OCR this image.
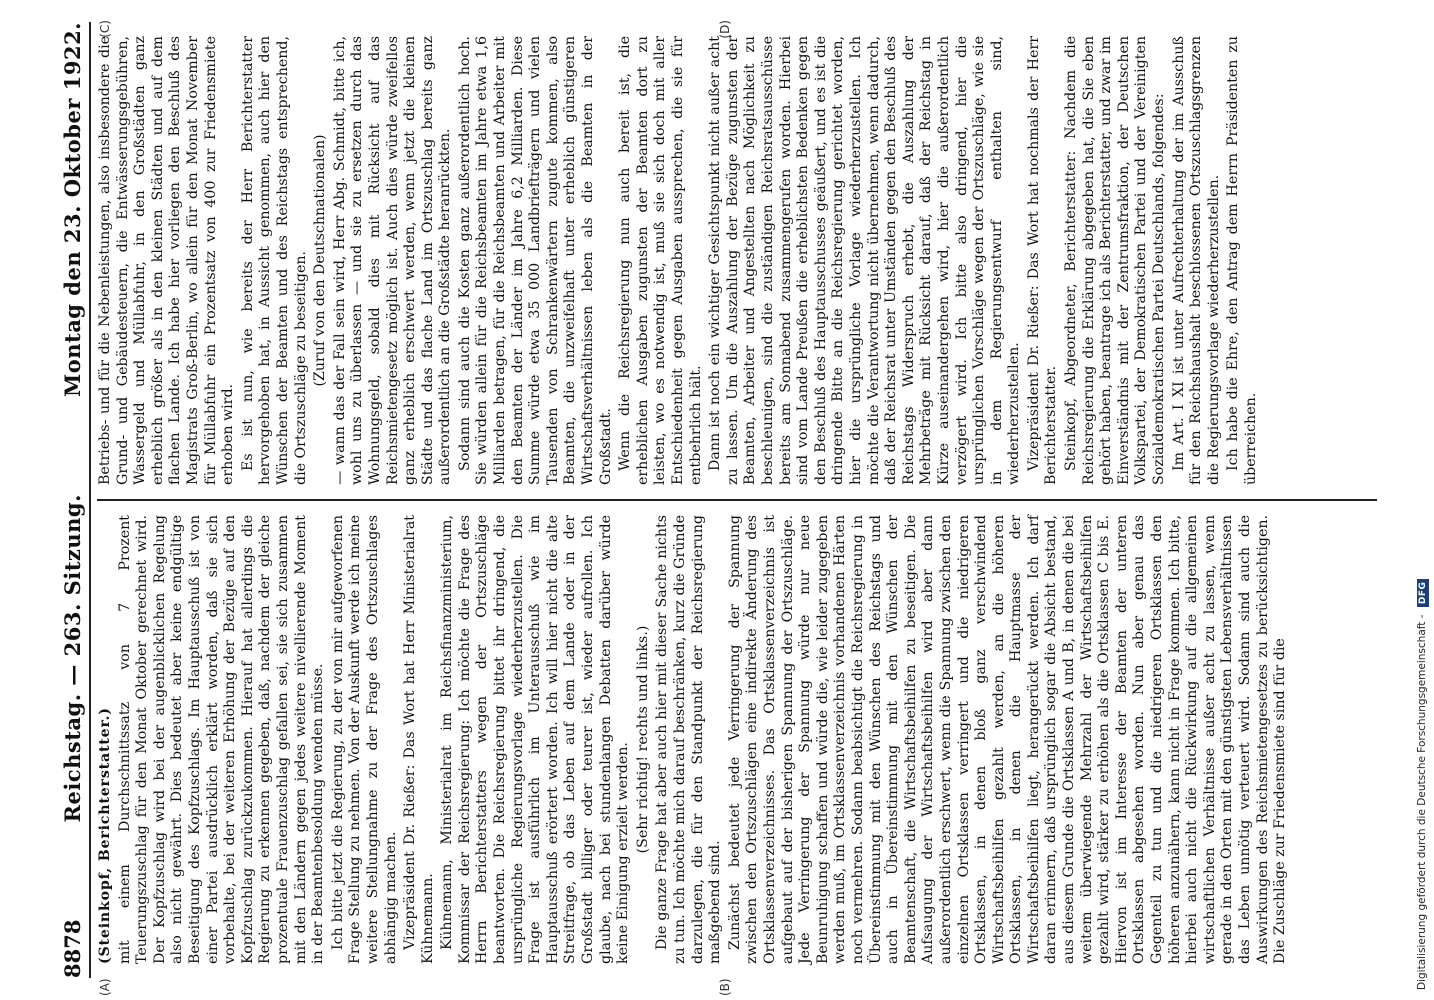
8878
Reichstag. — 263. Sitzung.
Montag den 23. Oktober 1922.
(A)	(B)

(Steinkopf, Berichterstatter.) mit einem Durchschnittssatz von 7 Prozent Teuerungszuschlag für den Monat Oktober gerechnet wird. Der Kopfzuschlag wird bei der augenblicklichen Regelung also nicht gewährt. Dies bedeutet aber keine endgültige Beseitigung des Kopfzuschlags. Im Hauptausschuß ist von einer Partei ausdrücklich erklärt worden, daß sie sich vorbehalte, bei der weiteren Erhöhung der Bezüge auf den Kopfzuschlag zurückzukommen. Hierauf hat allerdings die Regierung zu erkennen gegeben, daß, nachdem der gleiche prozentuale Frauenzuschlag gefallen sei, sie sich zusammen mit den Ländern gegen jedes weitere nivellierende Moment in der Beamtenbesoldung wenden müsse. Ich bitte jetzt die Regierung, zu der von mir aufgeworfenen Frage Stellung zu nehmen. Von der Auskunft werde ich meine weitere Stellungnahme zu der Frage des Ortszuschlages abhängig machen. Vizepräsident Dr. Rießer: Das Wort hat Herr Ministerialrat Kühnemann. Kühnemann, Ministerialrat im Reichsfinanzministerium, Kommissar der Reichsregierung: Ich möchte die Frage des Herrn Berichterstatters wegen der Ortszuschläge beantworten. Die Reichsregierung bittet ihr dringend, die ursprüngliche Regierungsvorlage wiederherzustellen. Die Frage ist ausführlich im Unterausschuß wie im Hauptausschuß erörtert worden. Ich will hier nicht die alte Streitfrage, ob das Leben auf dem Lande oder in der Großstadt billiger oder teurer ist, wieder aufrollen. Ich glaube, nach bei stundenlangen Debatten darüber würde keine Einigung erzielt werden. (Sehr richtig! rechts und links.) Die ganze Frage hat aber auch hier mit dieser Sache nichts zu tun. Ich möchte mich darauf beschränken, kurz die Gründe darzulegen, die für den Standpunkt der Reichsregierung maßgebend sind. Zunächst bedeutet jede Verringerung der Spannung zwischen den Ortszuschlägen eine indirekte Änderung des Ortsklassenverzeichnisses. Das Ortsklassenverzeichnis ist aufgebaut auf der bisherigen Spannung der Ortszuschläge. Jede Verringerung der Spannung würde nur neue Beunruhigung schaffen und würde die, wie leider zugegeben werden muß, im Ortsklassenverzeichnis vorhandenen Härten noch vermehren. Sodann beabsichtigt die Reichsregierung in Übereinstimmung mit den Wünschen des Reichstags und auch in Übereinstimmung mit den Wünschen der Beamtenschaft, die Wirtschaftsbeihilfen zu beseitigen. Die Aufsaugung der Wirtschaftsbeihilfen wird aber dann außerordentlich erschwert, wenn die Spannung zwischen den einzelnen Ortsklassen verringert und die niedrigeren Ortsklassen, in denen bloß ganz verschwindend Wirtschaftsbeihilfen gezahlt werden, an die höheren Ortsklassen, in denen die Hauptmasse der Wirtschaftsbeihilfen liegt, herangerückt werden. Ich darf daran erinnern, daß ursprünglich sogar die Absicht bestand, aus diesem Grunde die Ortsklassen A und B, in denen die bei weitem überwiegende Mehrzahl der Wirtschaftsbeihilfen gezahlt wird, stärker zu erhöhen als die Ortsklassen C bis E. Hiervon ist im Interesse der Beamten der unteren Ortsklassen abgesehen worden. Nun aber genau das Gegenteil zu tun und die niedrigeren Ortsklassen den höheren anzunähern, kann nicht in Frage kommen. Ich bitte, hierbei auch nicht die Rückwirkung auf die allgemeinen wirtschaftlichen Verhältnisse außer acht zu lassen, wenn gerade in den Orten mit den günstigsten Lebensverhältnissen das Leben unnötig verteuert wird. Sodann sind auch die Auswirkungen des Reichsmietengesetzes zu berücksichtigen. Die Zuschläge zur Friedensmiete sind für die

(C)	(D)

Betriebs- und für die Nebenleistungen, also insbesondere die Grund- und Gebäudesteuern, die Entwässerungsgebühren, Wassergeld und Müllabfuhr, in den Großstädten ganz erheblich größer als in den kleinen Städten und auf dem flachen Lande. Ich habe hier vorliegen den Beschluß des Magistrats Groß-Berlin, wo allein für den Monat November für Müllabfuhr ein Prozentsatz von 400 zur Friedensmiete erhoben wird. Es ist nun, wie bereits der Herr Berichterstatter hervorgehoben hat, in Aussicht genommen, auch hier den Wünschen der Beamten und des Reichstags entsprechend, die Ortszuschläge zu beseitigen. (Zuruf von den Deutschnationalen) — wann das der Fall sein wird, Herr Abg. Schmidt, bitte ich, wohl uns zu überlassen — und sie zu ersetzen durch das Wohnungsgeld, sobald dies mit Rücksicht auf das Reichsmietengesetz möglich ist. Auch dies würde zweifellos ganz erheblich erschwert werden, wenn jetzt die kleinen Städte und das flache Land im Ortszuschlag bereits ganz außerordentlich an die Großstädte heranrückten. Sodann sind auch die Kosten ganz außerordentlich hoch. Sie würden allein für die Reichsbeamten im Jahre etwa 1,6 Milliarden betragen, für die Reichsbeamten und Arbeiter mit den Beamten der Länder im Jahre 6,2 Milliarden. Diese Summe würde etwa 35 000 Landbriefträgern und vielen Tausenden von Schrankenwärtern zugute kommen, also Beamten, die unzweifelhaft unter erheblich günstigeren Wirtschaftsverhältnissen leben als die Beamten in der Großstadt. Wenn die Reichsregierung nun auch bereit ist, die erheblichen Ausgaben zugunsten der Beamten dort zu leisten, wo es notwendig ist, muß sie sich doch mit aller Entschiedenheit gegen Ausgaben aussprechen, die sie für entbehrlich hält. Dann ist noch ein wichtiger Gesichtspunkt nicht außer acht zu lassen. Um die Auszahlung der Bezüge zugunsten der Beamten, Arbeiter und Angestellten nach Möglichkeit zu beschleunigen, sind die zuständigen Reichsratsausschüsse bereits am Sonnabend zusammengerufen worden. Hierbei sind vom Lande Preußen die erheblichsten Bedenken gegen den Beschluß des Hauptausschusses geäußert, und es ist die dringende Bitte an die Reichsregierung gerichtet worden, hier die ursprüngliche Vorlage wiederherzustellen. Ich möchte die Verantwortung nicht übernehmen, wenn dadurch, daß der Reichsrat unter Umständen gegen den Beschluß des Reichstags Widerspruch erhebt, die Auszahlung der Mehrbeträge mit Rücksicht darauf, daß der Reichstag in Kürze auseinandergehen wird, hier die außerordentlich verzögert wird. Ich bitte also dringend, hier die ursprünglichen Vorschläge wegen der Ortszuschläge, wie sie in dem Regierungsentwurf enthalten sind, wiederherzustellen. Vizepräsident Dr. Rießer: Das Wort hat nochmals der Herr Berichterstatter. Steinkopf, Abgeordneter, Berichterstatter: Nachdem die Reichsregierung die Erklärung abgegeben hat, die Sie eben gehört haben, beantrage ich als Berichterstatter, und zwar im Einverständnis mit der Zentrumsfraktion, der Deutschen Volkspartei, der Demokratischen Partei und der Vereinigten Sozialdemokratischen Partei Deutschlands, folgendes: Im Art. I XI ist unter Aufrechterhaltung der im Ausschuß für den Reichshaushalt beschlossenen Ortszuschlagsgrenzen die Regierungsvorlage wiederherzustellen. Ich habe die Ehre, den Antrag dem Herrn Präsidenten zu überreichen.

Digitalisierung gefördert durch die Deutsche Forschungsgemeinschaft - DFG
